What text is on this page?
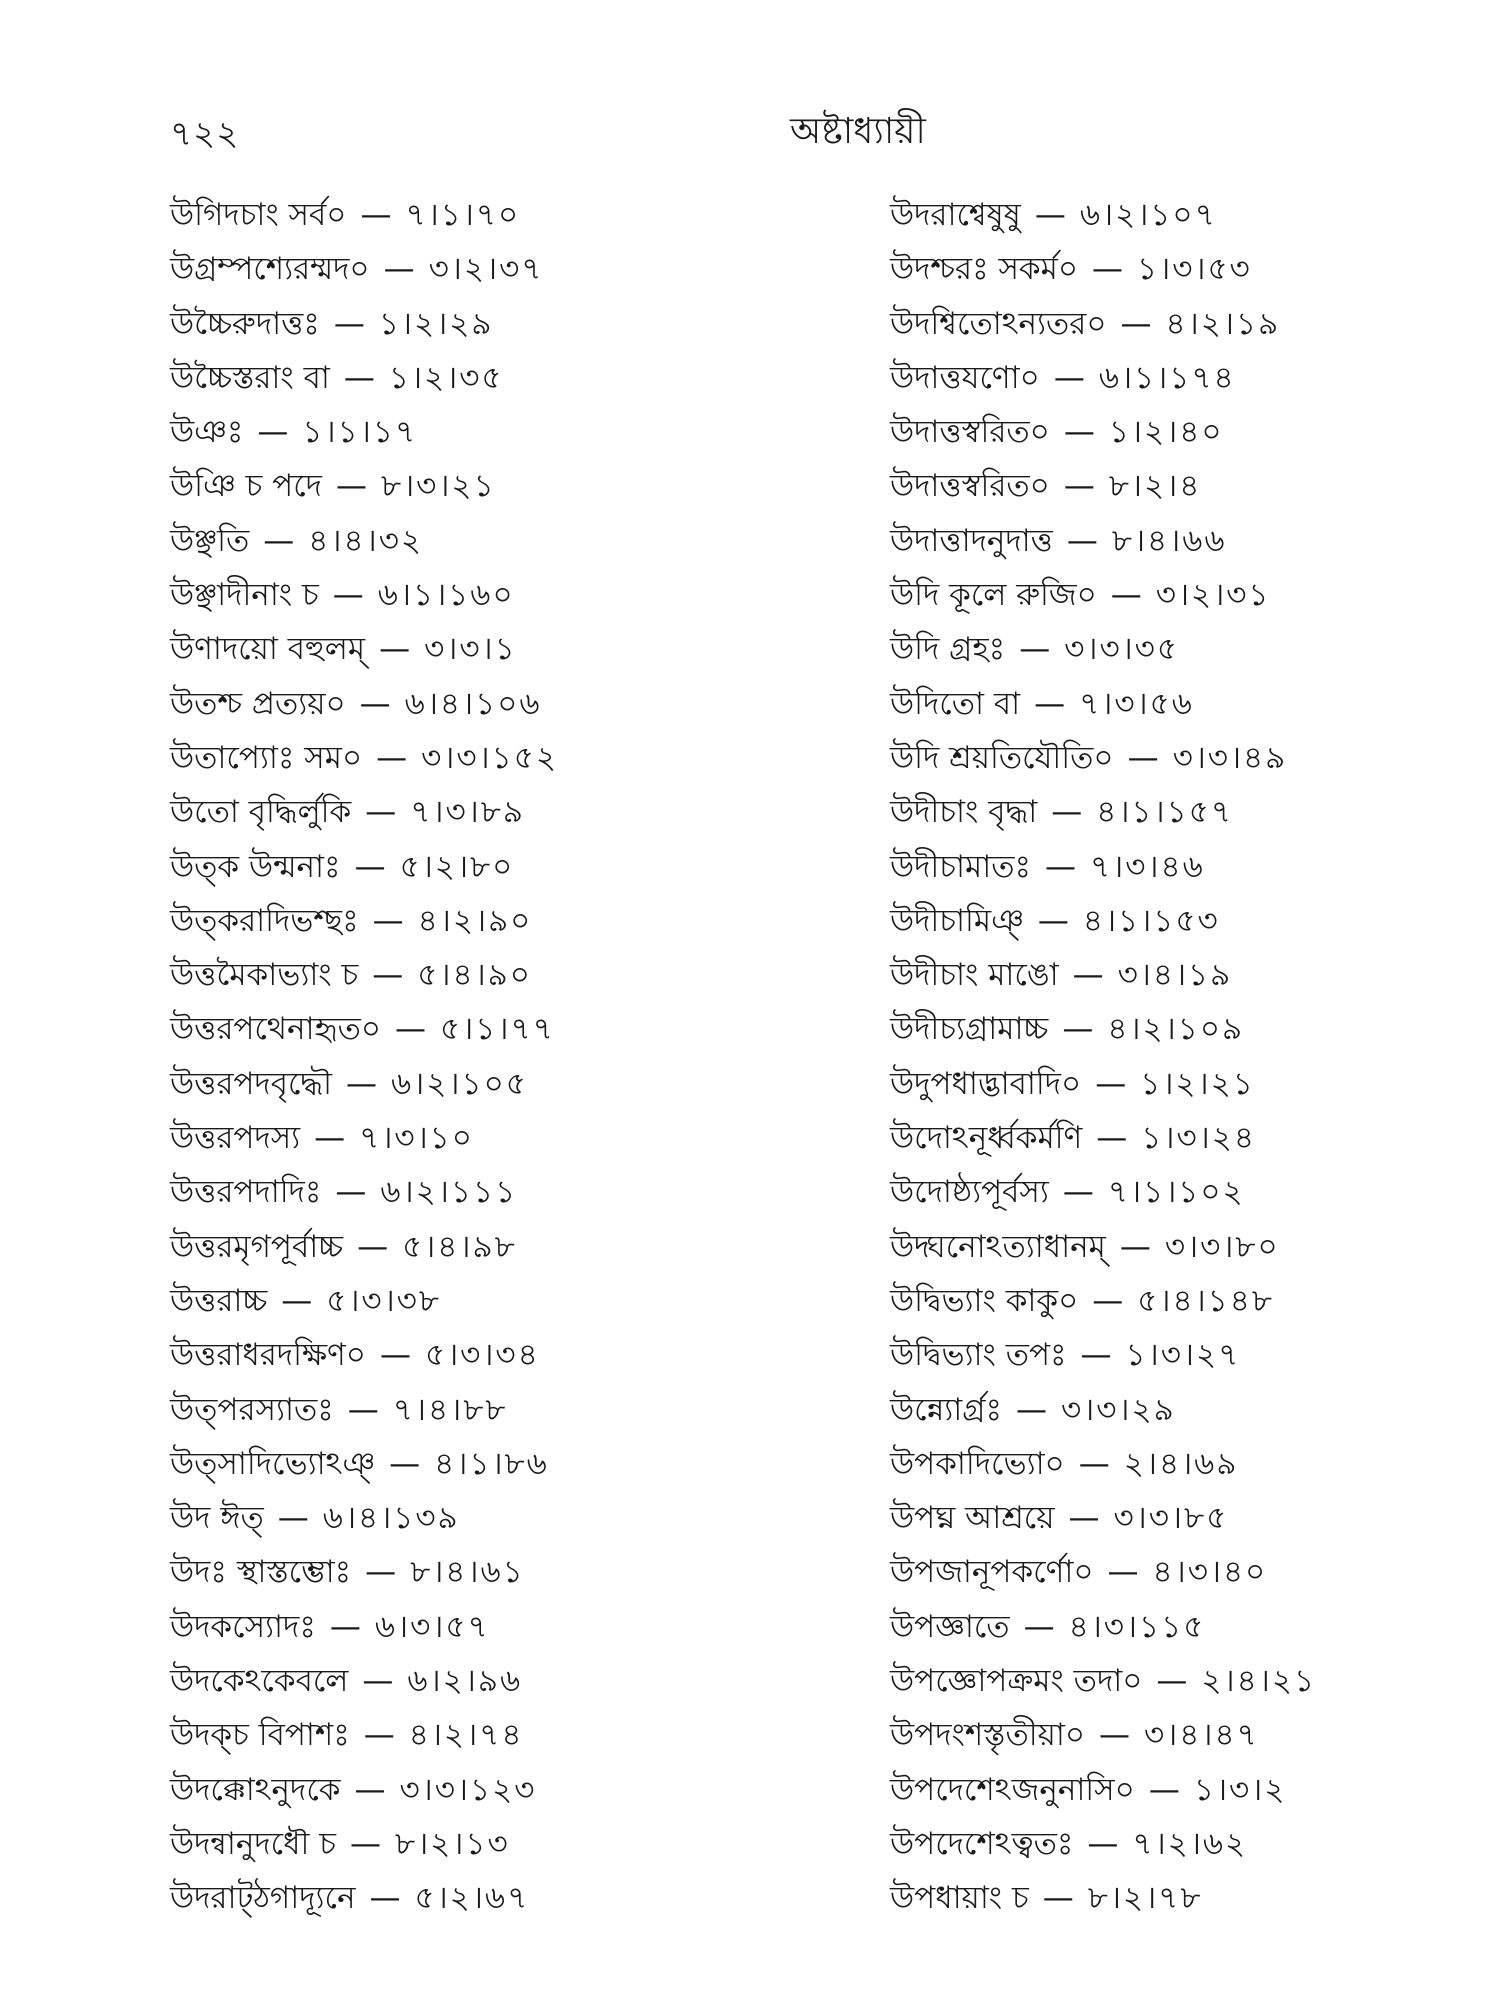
৭২২	অষ্টাধ্যায়ী
উগিদচাং সর্ব০ — ৭।১।৭০
উগ্রম্পশ্যেরম্মদ০ — ৩।২।৩৭
উচ্চৈরুদাত্তঃ — ১।২।২৯
উচ্চৈস্তরাং বা — ১।২।৩৫
উঞঃ — ১।১।১৭
উঞি চ পদে — ৮।৩।২১
উঞ্ছতি — ৪।৪।৩২
উঞ্ছাদীনাং চ — ৬।১।১৬০
উণাদয়ো বহুলম্ — ৩।৩।১
উতশ্চ প্রত্যয়০ — ৬।৪।১০৬
উতাপ্যোঃ সম০ — ৩।৩।১৫২
উতো বৃদ্ধির্লুকি — ৭।৩।৮৯
উত্ক উন্মনাঃ — ৫।২।৮০
উত্করাদিভশ্ছঃ — ৪।২।৯০
উত্তমৈকাভ্যাং চ — ৫।৪।৯০
উত্তরপথেনাহৃত০ — ৫।১।৭৭
উত্তরপদবৃদ্ধৌ — ৬।২।১০৫
উত্তরপদস্য — ৭।৩।১০
উত্তরপদাদিঃ — ৬।২।১১১
উত্তরমৃগপূর্বাচ্চ — ৫।৪।৯৮
উত্তরাচ্চ — ৫।৩।৩৮
উত্তরাধরদক্ষিণ০ — ৫।৩।৩৪
উত্পরস্যাতঃ — ৭।৪।৮৮
উত্সাদিভ্যোঽঞ্ — ৪।১।৮৬
উদ ঈত্ — ৬।৪।১৩৯
উদঃ স্থাস্তম্ভোঃ — ৮।৪।৬১
উদকস্যোদঃ — ৬।৩।৫৭
উদকেঽকেবলে — ৬।২।৯৬
উদক্চ বিপাশঃ — ৪।২।৭৪
উদক্কোঽনুদকে — ৩।৩।১২৩
উদন্বানুদধৌ চ — ৮।২।১৩
উদরাট্ঠগাদ্যূনে — ৫।২।৬৭
উদরাশ্বেষুষু — ৬।২।১০৭
উদশ্চরঃ সকর্ম০ — ১।৩।৫৩
উদশ্বিতোঽন্যতর০ — ৪।২।১৯
উদাত্তযণো০ — ৬।১।১৭৪
উদাত্তস্বরিত০ — ১।২।৪০
উদাত্তস্বরিত০ — ৮।২।৪
উদাত্তাদনুদাত্ত — ৮।৪।৬৬
উদি কূলে রুজি০ — ৩।২।৩১
উদি গ্রহঃ — ৩।৩।৩৫
উদিতো বা — ৭।৩।৫৬
উদি শ্রয়তিযৌতি০ — ৩।৩।৪৯
উদীচাং বৃদ্ধা — ৪।১।১৫৭
উদীচামাতঃ — ৭।৩।৪৬
উদীচামিঞ্ — ৪।১।১৫৩
উদীচাং মাঙো — ৩।৪।১৯
উদীচ্যগ্রামাচ্চ — ৪।২।১০৯
উদুপধাদ্ভাবাদি০ — ১।২।২১
উদোঽনূর্ধ্বকর্মণি — ১।৩।২৪
উদোষ্ঠ্যপূর্বস্য — ৭।১।১০২
উদ্ঘনোঽত্যাধানম্ — ৩।৩।৮০
উদ্বিভ্যাং কাকু০ — ৫।৪।১৪৮
উদ্বিভ্যাং তপঃ — ১।৩।২৭
উন্ন্যোর্গ্রঃ — ৩।৩।২৯
উপকাদিভ্যো০ — ২।৪।৬৯
উপঘ্ন আশ্রয়ে — ৩।৩।৮৫
উপজানূপকর্ণো০ — ৪।৩।৪০
উপজ্ঞাতে — ৪।৩।১১৫
উপজ্ঞোপক্রমং তদা০ — ২।৪।২১
উপদংশস্তৃতীয়া০ — ৩।৪।৪৭
উপদেশেঽজনুনাসি০ — ১।৩।২
উপদেশেঽত্বতঃ — ৭।২।৬২
উপধায়াং চ — ৮।২।৭৮
